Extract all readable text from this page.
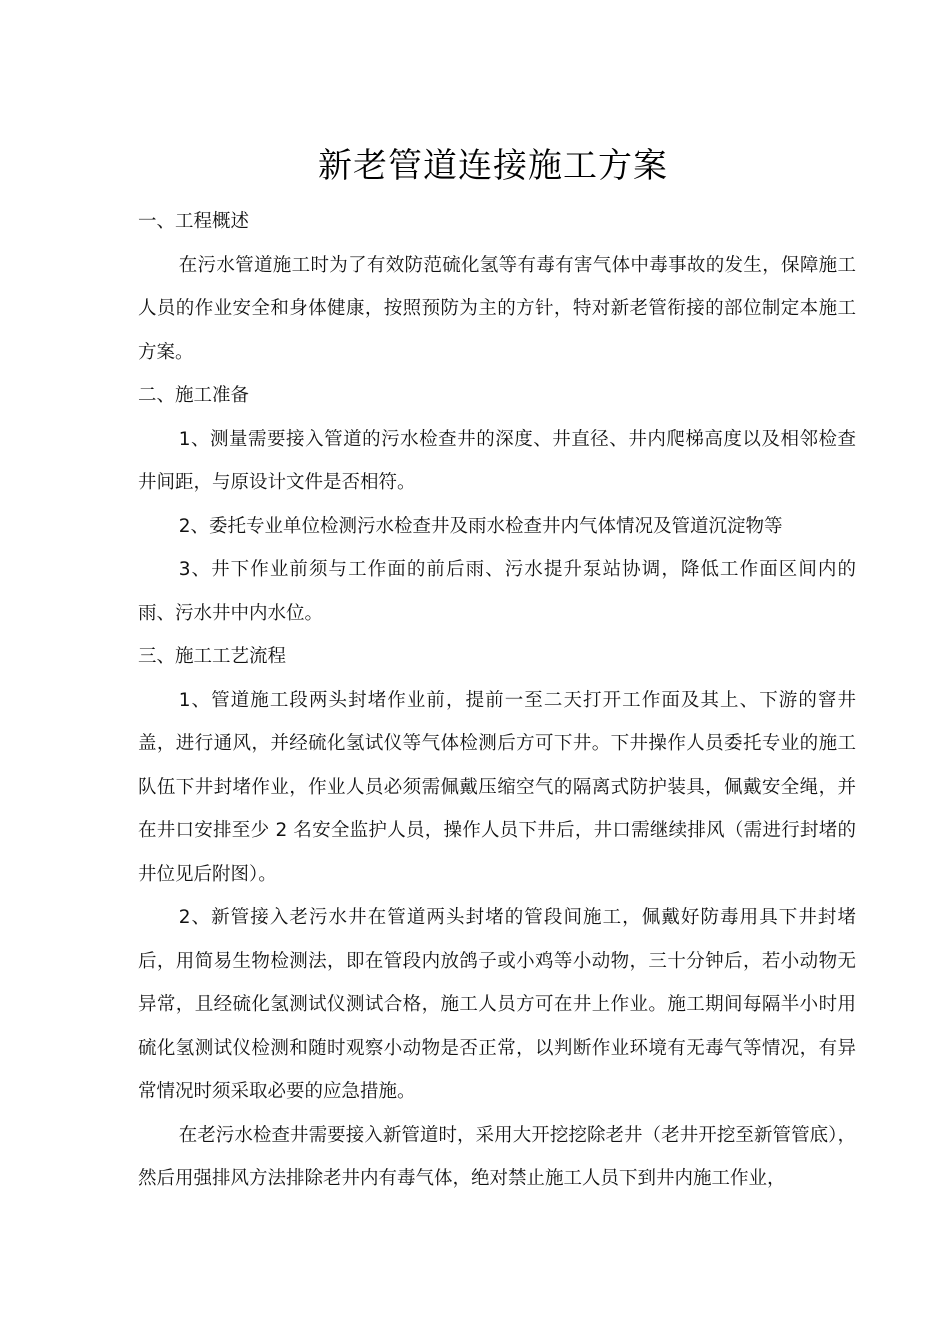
新老管道连接施工方案
一、工程概述

在污水管道施工时为了有效防范硫化氢等有毒有害气体中毒事故的发生，保障施工人员的作业安全和身体健康，按照预防为主的方针，特对新老管衔接的部位制定本施工方案。

二、施工准备

1、测量需要接入管道的污水检查井的深度、井直径、井内爬梯高度以及相邻检查井间距，与原设计文件是否相符。

2、委托专业单位检测污水检查井及雨水检查井内气体情况及管道沉淀物等

3、井下作业前须与工作面的前后雨、污水提升泵站协调，降低工作面区间内的雨、污水井中内水位。

三、施工工艺流程

1、管道施工段两头封堵作业前，提前一至二天打开工作面及其上、下游的窨井盖，进行通风，并经硫化氢试仪等气体检测后方可下井。下井操作人员委托专业的施工队伍下井封堵作业，作业人员必须需佩戴压缩空气的隔离式防护装具，佩戴安全绳，并在井口安排至少 2 名安全监护人员，操作人员下井后，井口需继续排风（需进行封堵的井位见后附图）。

2、新管接入老污水井在管道两头封堵的管段间施工，佩戴好防毒用具下井封堵后，用简易生物检测法，即在管段内放鸽子或小鸡等小动物，三十分钟后，若小动物无异常，且经硫化氢测试仪测试合格，施工人员方可在井上作业。施工期间每隔半小时用硫化氢测试仪检测和随时观察小动物是否正常，以判断作业环境有无毒气等情况，有异常情况时须采取必要的应急措施。

在老污水检查井需要接入新管道时，采用大开挖挖除老井（老井开挖至新管管底），然后用强排风方法排除老井内有毒气体，绝对禁止施工人员下到井内施工作业，
